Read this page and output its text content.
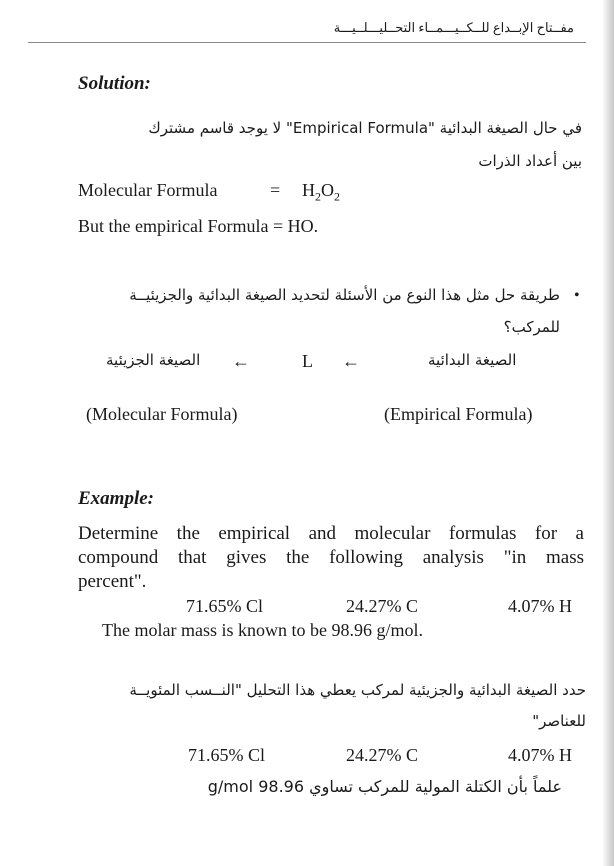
مفــتاح الإبــداع للــكــيـــمــاء التحــليـــلــيـــة
Solution:
في حال الصيغة البدائية "Empirical Formula" لا يوجد قاسم مشترك
بين أعداد الذرات
Molecular Formula	= $H_2O_2$
But the empirical Formula = HO.
•
طريقة حل مثل هذا النوع من الأسئلة لتحديد الصيغة البدائية والجزيئيــة
للمركب؟
الصيغة الجزيئية ←	L ←	الصيغة البدائية
(Molecular Formula)	(Empirical Formula)
Example:
Determine the empirical and molecular formulas for a
compound that gives the following analysis "in mass
percent".
71.65% Cl	24.27% C	4.07% H
The molar mass is known to be 98.96 g/mol.
حدد الصيغة البدائية والجزيئية لمركب يعطي هذا التحليل "النــسب المئويــة
للعناصر"
71.65% Cl	24.27% C	4.07% H
علماً بأن الكتلة المولية للمركب تساوي 98.96 g/mol
